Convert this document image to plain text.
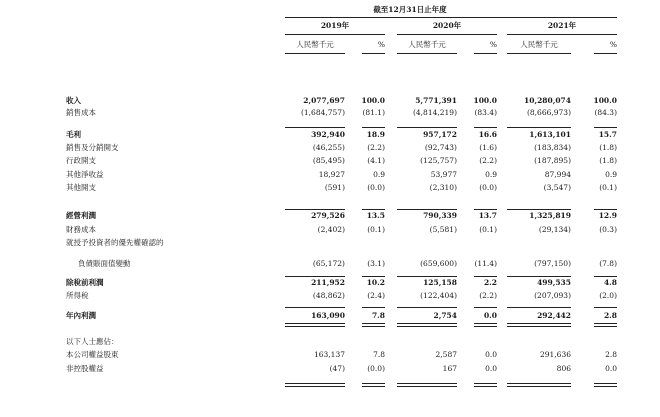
截至12月31日止年度
2019年	2020年	2021年
人民幣千元	%	人民幣千元	%	人民幣千元	%
收入	2,077,697	100.0	5,771,391	100.0	10,280,074	100.0
銷售成本	(1,684,757)	(81.1)	(4,814,219)	(83.4)	(8,666,973)	(84.3)
毛利	392,940	18.9	957,172	16.6	1,613,101	15.7
銷售及分銷開支	(46,255)	(2.2)	(92,743)	(1.6)	(183,834)	(1.8)
行政開支	(85,495)	(4.1)	(125,757)	(2.2)	(187,895)	(1.8)
其他淨收益	18,927	0.9	53,977	0.9	87,994	0.9
其他開支	(591)	(0.0)	(2,310)	(0.0)	(3,547)	(0.1)
經營利潤	279,526	13.5	790,339	13.7	1,325,819	12.9
財務成本	(2,402)	(0.1)	(5,581)	(0.1)	(29,134)	(0.3)
就授予投資者的優先權確認的
負債賬面值變動	(65,172)	(3.1)	(659,600)	(11.4)	(797,150)	(7.8)
除稅前利潤	211,952	10.2	125,158	2.2	499,535	4.8
所得稅	(48,862)	(2.4)	(122,404)	(2.2)	(207,093)	(2.0)
年內利潤	163,090	7.8	2,754	0.0	292,442	2.8
以下人士應佔：
本公司權益股東	163,137	7.8	2,587	0.0	291,636	2.8
非控股權益	(47)	(0.0)	167	0.0	806	0.0
